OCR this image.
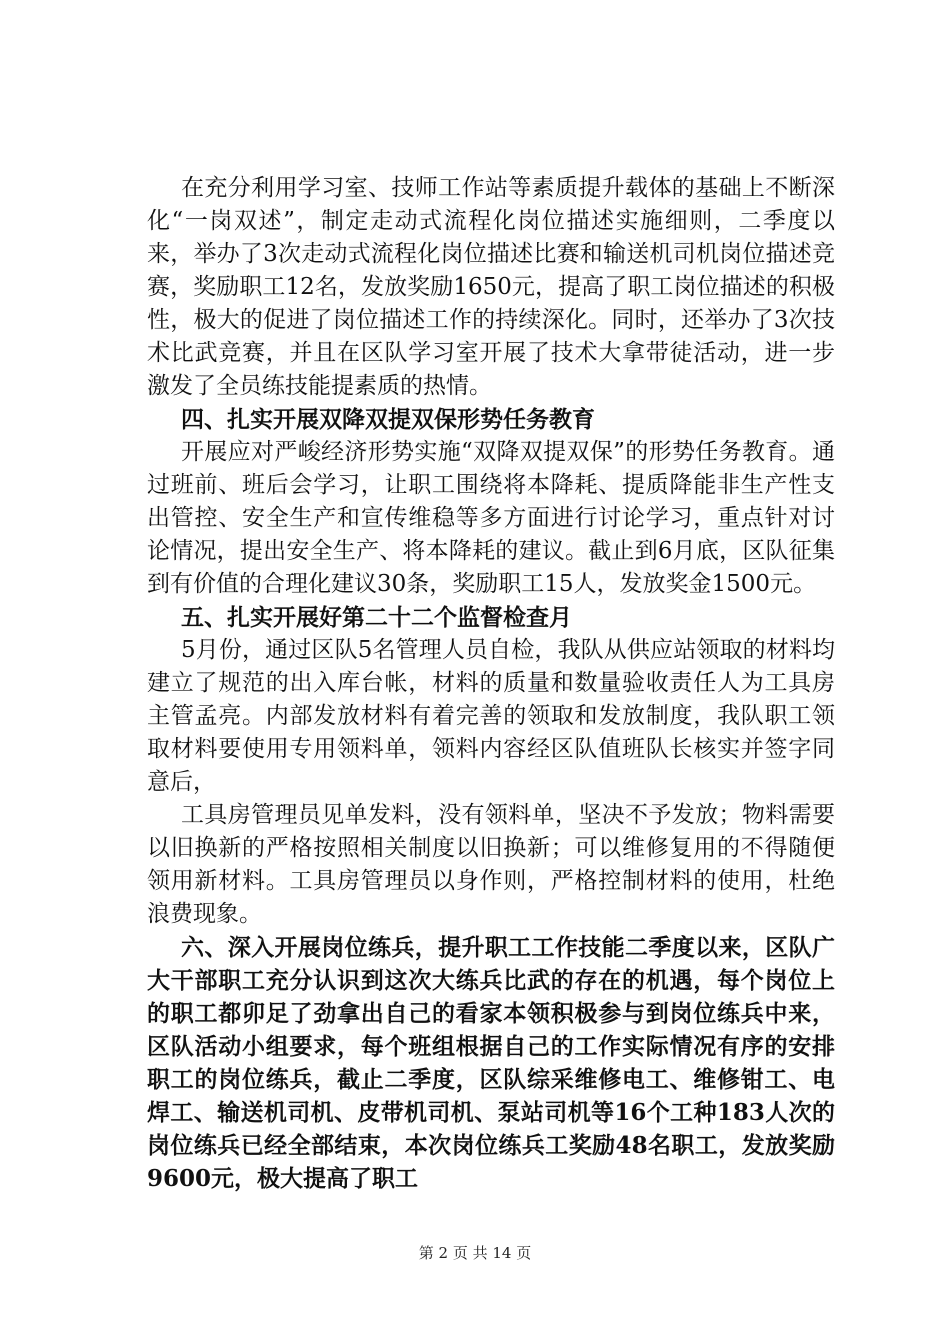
在充分利用学习室、技师工作站等素质提升载体的基础上不断深化“一岗双述”，制定走动式流程化岗位描述实施细则，二季度以来，举办了3次走动式流程化岗位描述比赛和输送机司机岗位描述竞赛，奖励职工12名，发放奖励1650元，提高了职工岗位描述的积极性，极大的促进了岗位描述工作的持续深化。同时，还举办了3次技术比武竞赛，并且在区队学习室开展了技术大拿带徒活动，进一步激发了全员练技能提素质的热情。

四、扎实开展双降双提双保形势任务教育

开展应对严峻经济形势实施“双降双提双保”的形势任务教育。通过班前、班后会学习，让职工围绕将本降耗、提质降能非生产性支出管控、安全生产和宣传维稳等多方面进行讨论学习，重点针对讨论情况，提出安全生产、将本降耗的建议。截止到6月底，区队征集到有价值的合理化建议30条，奖励职工15人，发放奖金1500元。

五、扎实开展好第二十二个监督检查月

5月份，通过区队5名管理人员自检，我队从供应站领取的材料均建立了规范的出入库台帐，材料的质量和数量验收责任人为工具房主管孟亮。内部发放材料有着完善的领取和发放制度，我队职工领取材料要使用专用领料单，领料内容经区队值班队长核实并签字同意后，

工具房管理员见单发料，没有领料单，坚决不予发放；物料需要以旧换新的严格按照相关制度以旧换新；可以维修复用的不得随便领用新材料。工具房管理员以身作则，严格控制材料的使用，杜绝浪费现象。

六、深入开展岗位练兵，提升职工工作技能二季度以来，区队广大干部职工充分认识到这次大练兵比武的存在的机遇，每个岗位上的职工都卯足了劲拿出自己的看家本领积极参与到岗位练兵中来，区队活动小组要求，每个班组根据自己的工作实际情况有序的安排职工的岗位练兵，截止二季度，区队综采维修电工、维修钳工、电焊工、输送机司机、皮带机司机、泵站司机等16个工种183人次的岗位练兵已经全部结束，本次岗位练兵工奖励48名职工，发放奖励9600元，极大提高了职工

第 2 页 共 14 页
